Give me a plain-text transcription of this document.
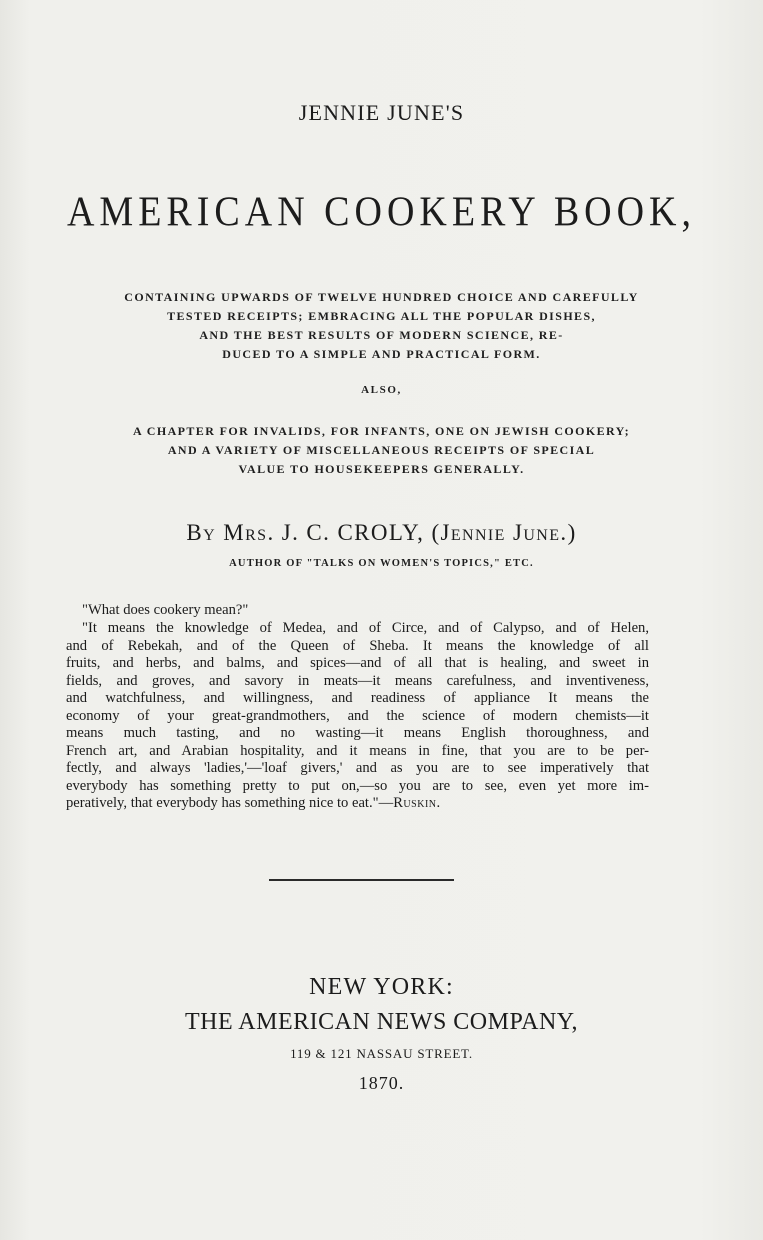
JENNIE JUNE'S
AMERICAN COOKERY BOOK,
CONTAINING UPWARDS OF TWELVE HUNDRED CHOICE AND CAREFULLY
TESTED RECEIPTS; EMBRACING ALL THE POPULAR DISHES,
AND THE BEST RESULTS OF MODERN SCIENCE, RE-
DUCED TO A SIMPLE AND PRACTICAL FORM.
ALSO,
A CHAPTER FOR INVALIDS, FOR INFANTS, ONE ON JEWISH COOKERY;
AND A VARIETY OF MISCELLANEOUS RECEIPTS OF SPECIAL
VALUE TO HOUSEKEEPERS GENERALLY.
By Mrs. J. C. CROLY, (Jennie June.)
AUTHOR OF "TALKS ON WOMEN'S TOPICS," ETC.
"What does cookery mean?"
"It means the knowledge of Medea, and of Circe, and of Calypso, and of Helen,
and of Rebekah, and of the Queen of Sheba. It means the knowledge of all
fruits, and herbs, and balms, and spices—and of all that is healing, and sweet in
fields, and groves, and savory in meats—it means carefulness, and inventiveness,
and watchfulness, and willingness, and readiness of appliance It means the
economy of your great-grandmothers, and the science of modern chemists—it
means much tasting, and no wasting—it means English thoroughness, and
French art, and Arabian hospitality, and it means in fine, that you are to be per-
fectly, and always 'ladies,'—'loaf givers,' and as you are to see imperatively that
everybody has something pretty to put on,—so you are to see, even yet more im-
peratively, that everybody has something nice to eat."—Ruskin.
NEW YORK:
THE AMERICAN NEWS COMPANY,
119 & 121 NASSAU STREET.
1870.
